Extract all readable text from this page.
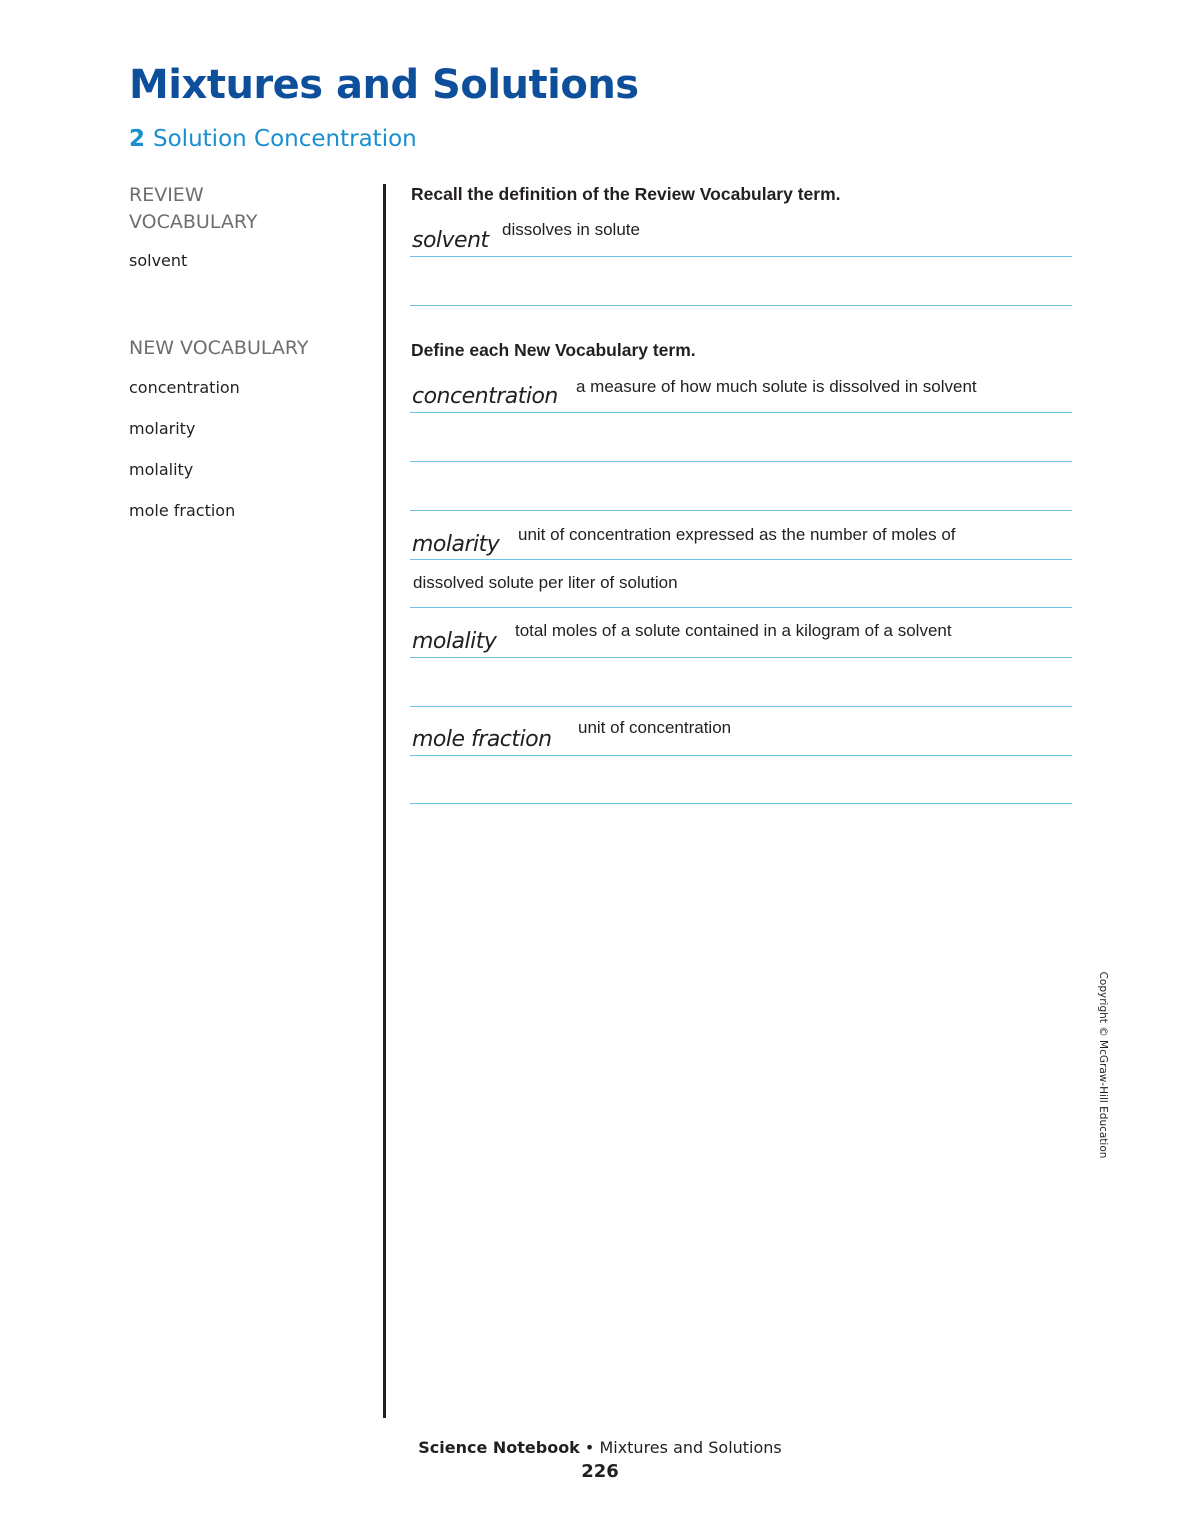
Mixtures and Solutions
2 Solution Concentration
REVIEW
VOCABULARY
solvent
NEW VOCABULARY
concentration
molarity
molality
mole fraction
Recall the definition of the Review Vocabulary term.
solvent dissolves in solute
Define each New Vocabulary term.
concentration a measure of how much solute is dissolved in solvent
molarity unit of concentration expressed as the number of moles of
dissolved solute per liter of solution
molality total moles of a solute contained in a kilogram of a solvent
mole fraction unit of concentration
Copyright © McGraw-Hill Education
Science Notebook • Mixtures and Solutions
226
